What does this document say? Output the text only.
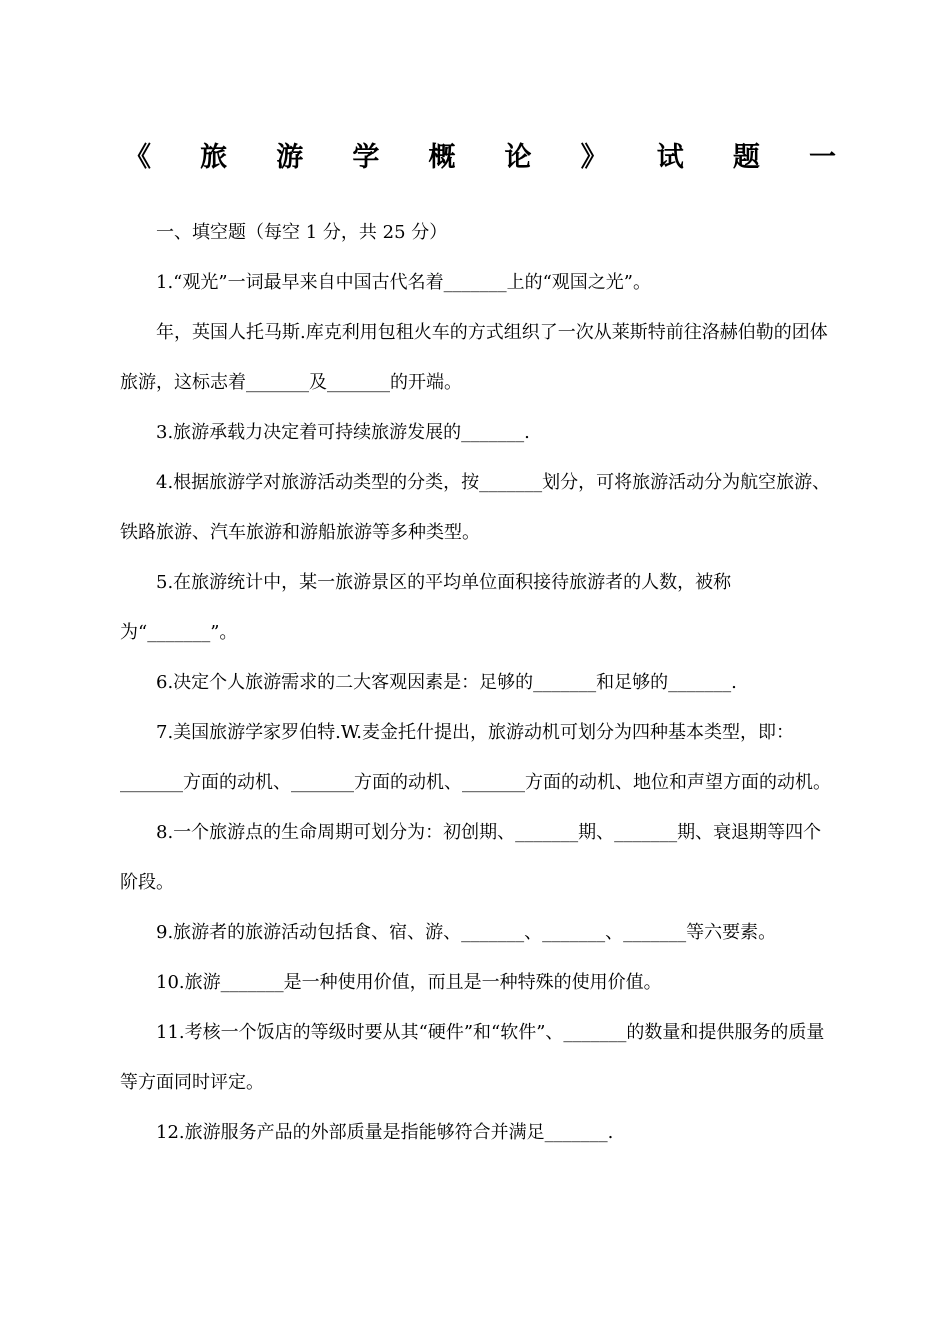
《 旅 游 学 概 论 》 试 题 一

一、填空题（每空 1 分，共 25 分）

1.“观光”一词最早来自中国古代名着_______上的“观国之光”。

年，英国人托马斯.库克利用包租火车的方式组织了一次从莱斯特前往洛赫伯勒的团体旅游，这标志着_______及_______的开端。

3.旅游承载力决定着可持续旅游发展的_______.

4.根据旅游学对旅游活动类型的分类，按_______划分，可将旅游活动分为航空旅游、铁路旅游、汽车旅游和游船旅游等多种类型。

5.在旅游统计中，某一旅游景区的平均单位面积接待旅游者的人数，被称为“_______”。

6.决定个人旅游需求的二大客观因素是：足够的_______和足够的_______.

7.美国旅游学家罗伯特.W.麦金托什提出，旅游动机可划分为四种基本类型，即：_______方面的动机、_______方面的动机、_______方面的动机、地位和声望方面的动机。

8.一个旅游点的生命周期可划分为：初创期、_______期、_______期、衰退期等四个阶段。

9.旅游者的旅游活动包括食、宿、游、_______、_______、_______等六要素。

10.旅游_______是一种使用价值，而且是一种特殊的使用价值。

11.考核一个饭店的等级时要从其“硬件”和“软件”、_______的数量和提供服务的质量等方面同时评定。

12.旅游服务产品的外部质量是指能够符合并满足_______.
